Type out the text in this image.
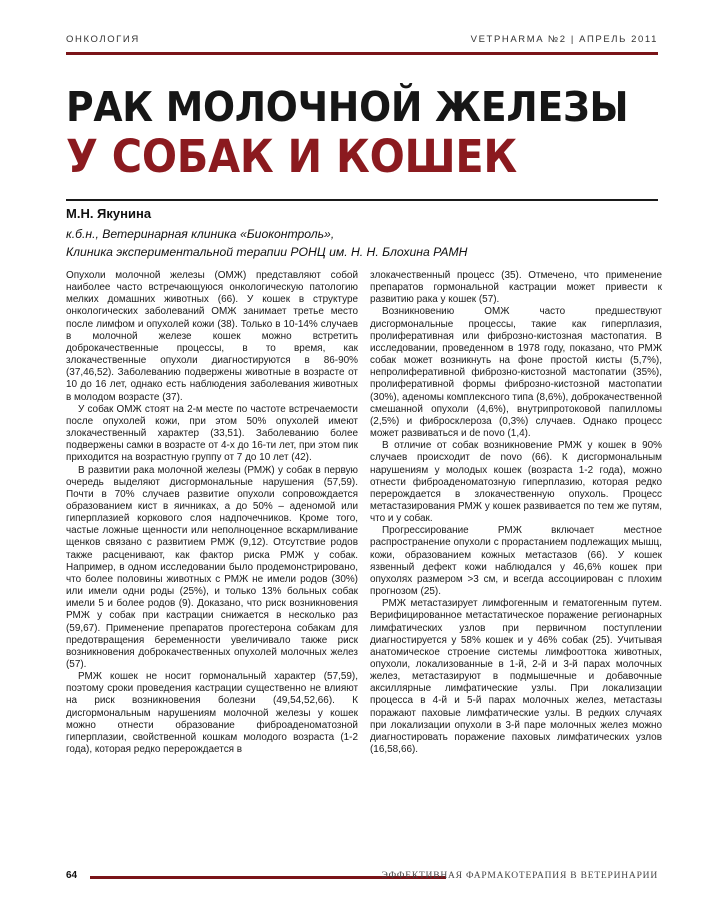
ОНКОЛОГИЯ	VETPHARMA №2 | АПРЕЛЬ 2011
РАК МОЛОЧНОЙ ЖЕЛЕЗЫ
У СОБАК И КОШЕК
М.Н. Якунина
к.б.н., Ветеринарная клиника «Биоконтроль»,
Клиника экспериментальной терапии РОНЦ им. Н. Н. Блохина РАМН

Опухоли молочной железы (ОМЖ) представляют собой наиболее часто встречающуюся онкологическую патологию мелких домашних животных (66). У кошек в структуре онкологических заболеваний ОМЖ занимает третье место после лимфом и опухолей кожи (38). Только в 10-14% случаев в молочной железе кошек можно встретить доброкачественные процессы, в то время, как злокачественные опухоли диагностируются в 86-90% (37,46,52). Заболеванию подвержены животные в возрасте от 10 до 16 лет, однако есть наблюдения заболевания животных в молодом возрасте (37).

У собак ОМЖ стоят на 2-м месте по частоте встречаемости после опухолей кожи, при этом 50% опухолей имеют злокачественный характер (33,51). Заболеванию более подвержены самки в возрасте от 4-х до 16-ти лет, при этом пик приходится на возрастную группу от 7 до 10 лет (42).

В развитии рака молочной железы (РМЖ) у собак в первую очередь выделяют дисгормональные нарушения (57,59). Почти в 70% случаев развитие опухоли сопровождается образованием кист в яичниках, а до 50% – аденомой или гиперплазией коркового слоя надпочечников. Кроме того, частые ложные щенности или неполноценное вскармливание щенков связано с развитием РМЖ (9,12). Отсутствие родов также расценивают, как фактор риска РМЖ у собак. Например, в одном исследовании было продемонстрировано, что более половины животных с РМЖ не имели родов (30%) или имели одни роды (25%), и только 13% больных собак имели 5 и более родов (9). Доказано, что риск возникновения РМЖ у собак при кастрации снижается в несколько раз (59,67). Применение препаратов прогестерона собакам для предотвращения беременности увеличивало также риск возникновения доброкачественных опухолей молочных желез (57).

РМЖ кошек не носит гормональный характер (57,59), поэтому сроки проведения кастрации существенно не влияют на риск возникновения болезни (49,54,52,66). К дисгормональным нарушениям молочной железы у кошек можно отнести образование фиброаденоматозной гиперплазии, свойственной кошкам молодого возраста (1-2 года), которая редко перерождается в

злокачественный процесс (35). Отмечено, что применение препаратов гормональной кастрации может привести к развитию рака у кошек (57).

Возникновению ОМЖ часто предшествуют дисгормональные процессы, такие как гиперплазия, пролиферативная или фиброзно-кистозная мастопатия. В исследовании, проведенном в 1978 году, показано, что РМЖ собак может возникнуть на фоне простой кисты (5,7%), непролиферативной фиброзно-кистозной мастопатии (35%), пролиферативной формы фиброзно-кистозной мастопатии (30%), аденомы комплексного типа (8,6%), доброкачественной смешанной опухоли (4,6%), внутрипротоковой папилломы (2,5%) и фибросклероза (0,3%) случаев. Однако процесс может развиваться и de novo (1,4).

В отличие от собак возникновение РМЖ у кошек в 90% случаев происходит de novo (66). К дисгормональным нарушениям у молодых кошек (возраста 1-2 года), можно отнести фиброаденоматозную гиперплазию, которая редко перерождается в злокачественную опухоль. Процесс метастазирования РМЖ у кошек развивается по тем же путям, что и у собак.

Прогрессирование РМЖ включает местное распространение опухоли с прорастанием подлежащих мышц, кожи, образованием кожных метастазов (66). У кошек язвенный дефект кожи наблюдался у 46,6% кошек при опухолях размером >3 см, и всегда ассоциирован с плохим прогнозом (25).

РМЖ метастазирует лимфогенным и гематогенным путем. Верифицированное метастатическое поражение регионарных лимфатических узлов при первичном поступлении диагностируется у 58% кошек и у 46% собак (25). Учитывая анатомическое строение системы лимфооттока животных, опухоли, локализованные в 1-й, 2-й и 3-й парах молочных желез, метастазируют в подмышечные и добавочные аксиллярные лимфатические узлы. При локализации процесса в 4-й и 5-й парах молочных желез, метастазы поражают паховые лимфатические узлы. В редких случаях при локализации опухоли в 3-й паре молочных желез можно диагностировать поражение паховых лимфатических узлов (16,58,66).

64	ЭФФЕКТИВНАЯ ФАРМАКОТЕРАПИЯ В ВЕТЕРИНАРИИ
